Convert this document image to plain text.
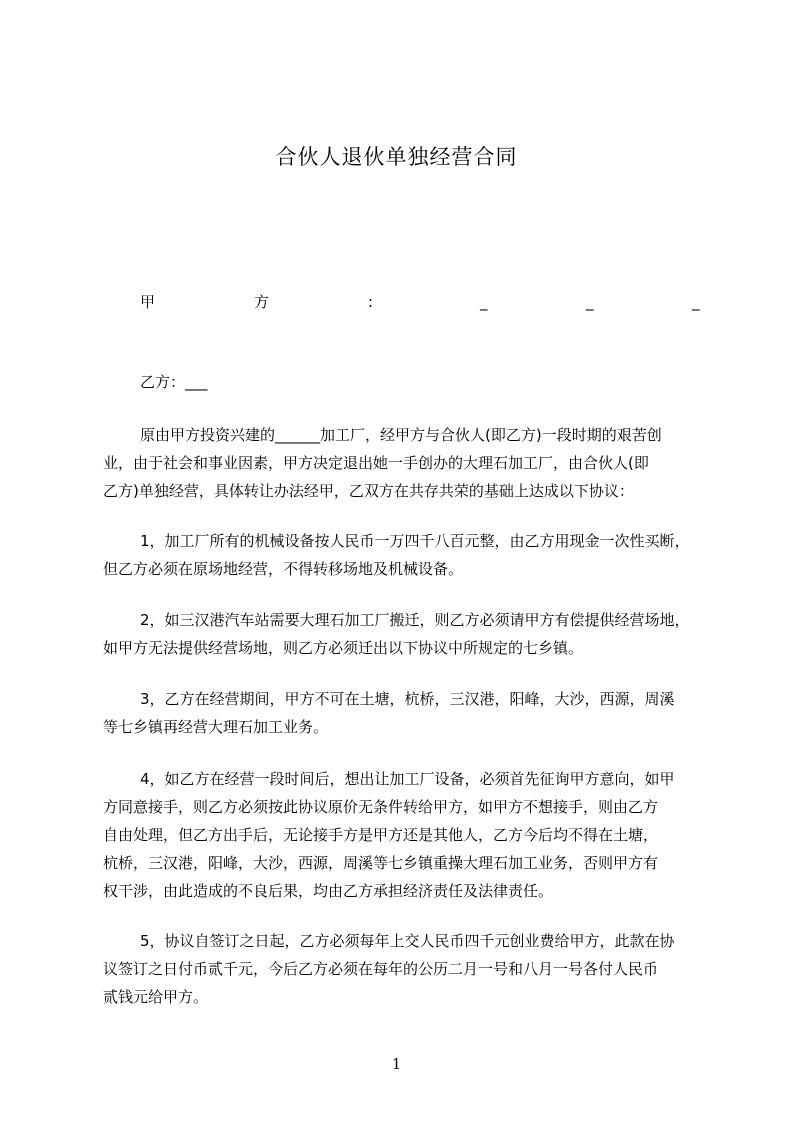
合伙人退伙单独经营合同
甲	方	:	_	_	_
乙方：___
原由甲方投资兴建的______加工厂，经甲方与合伙人(即乙方)一段时期的艰苦创
业，由于社会和事业因素，甲方决定退出她一手创办的大理石加工厂，由合伙人(即
乙方)单独经营，具体转让办法经甲，乙双方在共存共荣的基础上达成以下协议：
1，加工厂所有的机械设备按人民币一万四千八百元整，由乙方用现金一次性买断，
但乙方必须在原场地经营，不得转移场地及机械设备。
2，如三汉港汽车站需要大理石加工厂搬迁，则乙方必须请甲方有偿提供经营场地，
如甲方无法提供经营场地，则乙方必须迁出以下协议中所规定的七乡镇。
3，乙方在经营期间，甲方不可在土塘，杭桥，三汉港，阳峰，大沙，西源，周溪
等七乡镇再经营大理石加工业务。
4，如乙方在经营一段时间后，想出让加工厂设备，必须首先征询甲方意向，如甲
方同意接手，则乙方必须按此协议原价无条件转给甲方，如甲方不想接手，则由乙方
自由处理，但乙方出手后，无论接手方是甲方还是其他人，乙方今后均不得在土塘，
杭桥，三汉港，阳峰，大沙，西源，周溪等七乡镇重操大理石加工业务，否则甲方有
权干涉，由此造成的不良后果，均由乙方承担经济责任及法律责任。
5，协议自签订之日起，乙方必须每年上交人民币四千元创业费给甲方，此款在协
议签订之日付币贰千元，今后乙方必须在每年的公历二月一号和八月一号各付人民币
贰钱元给甲方。
1
